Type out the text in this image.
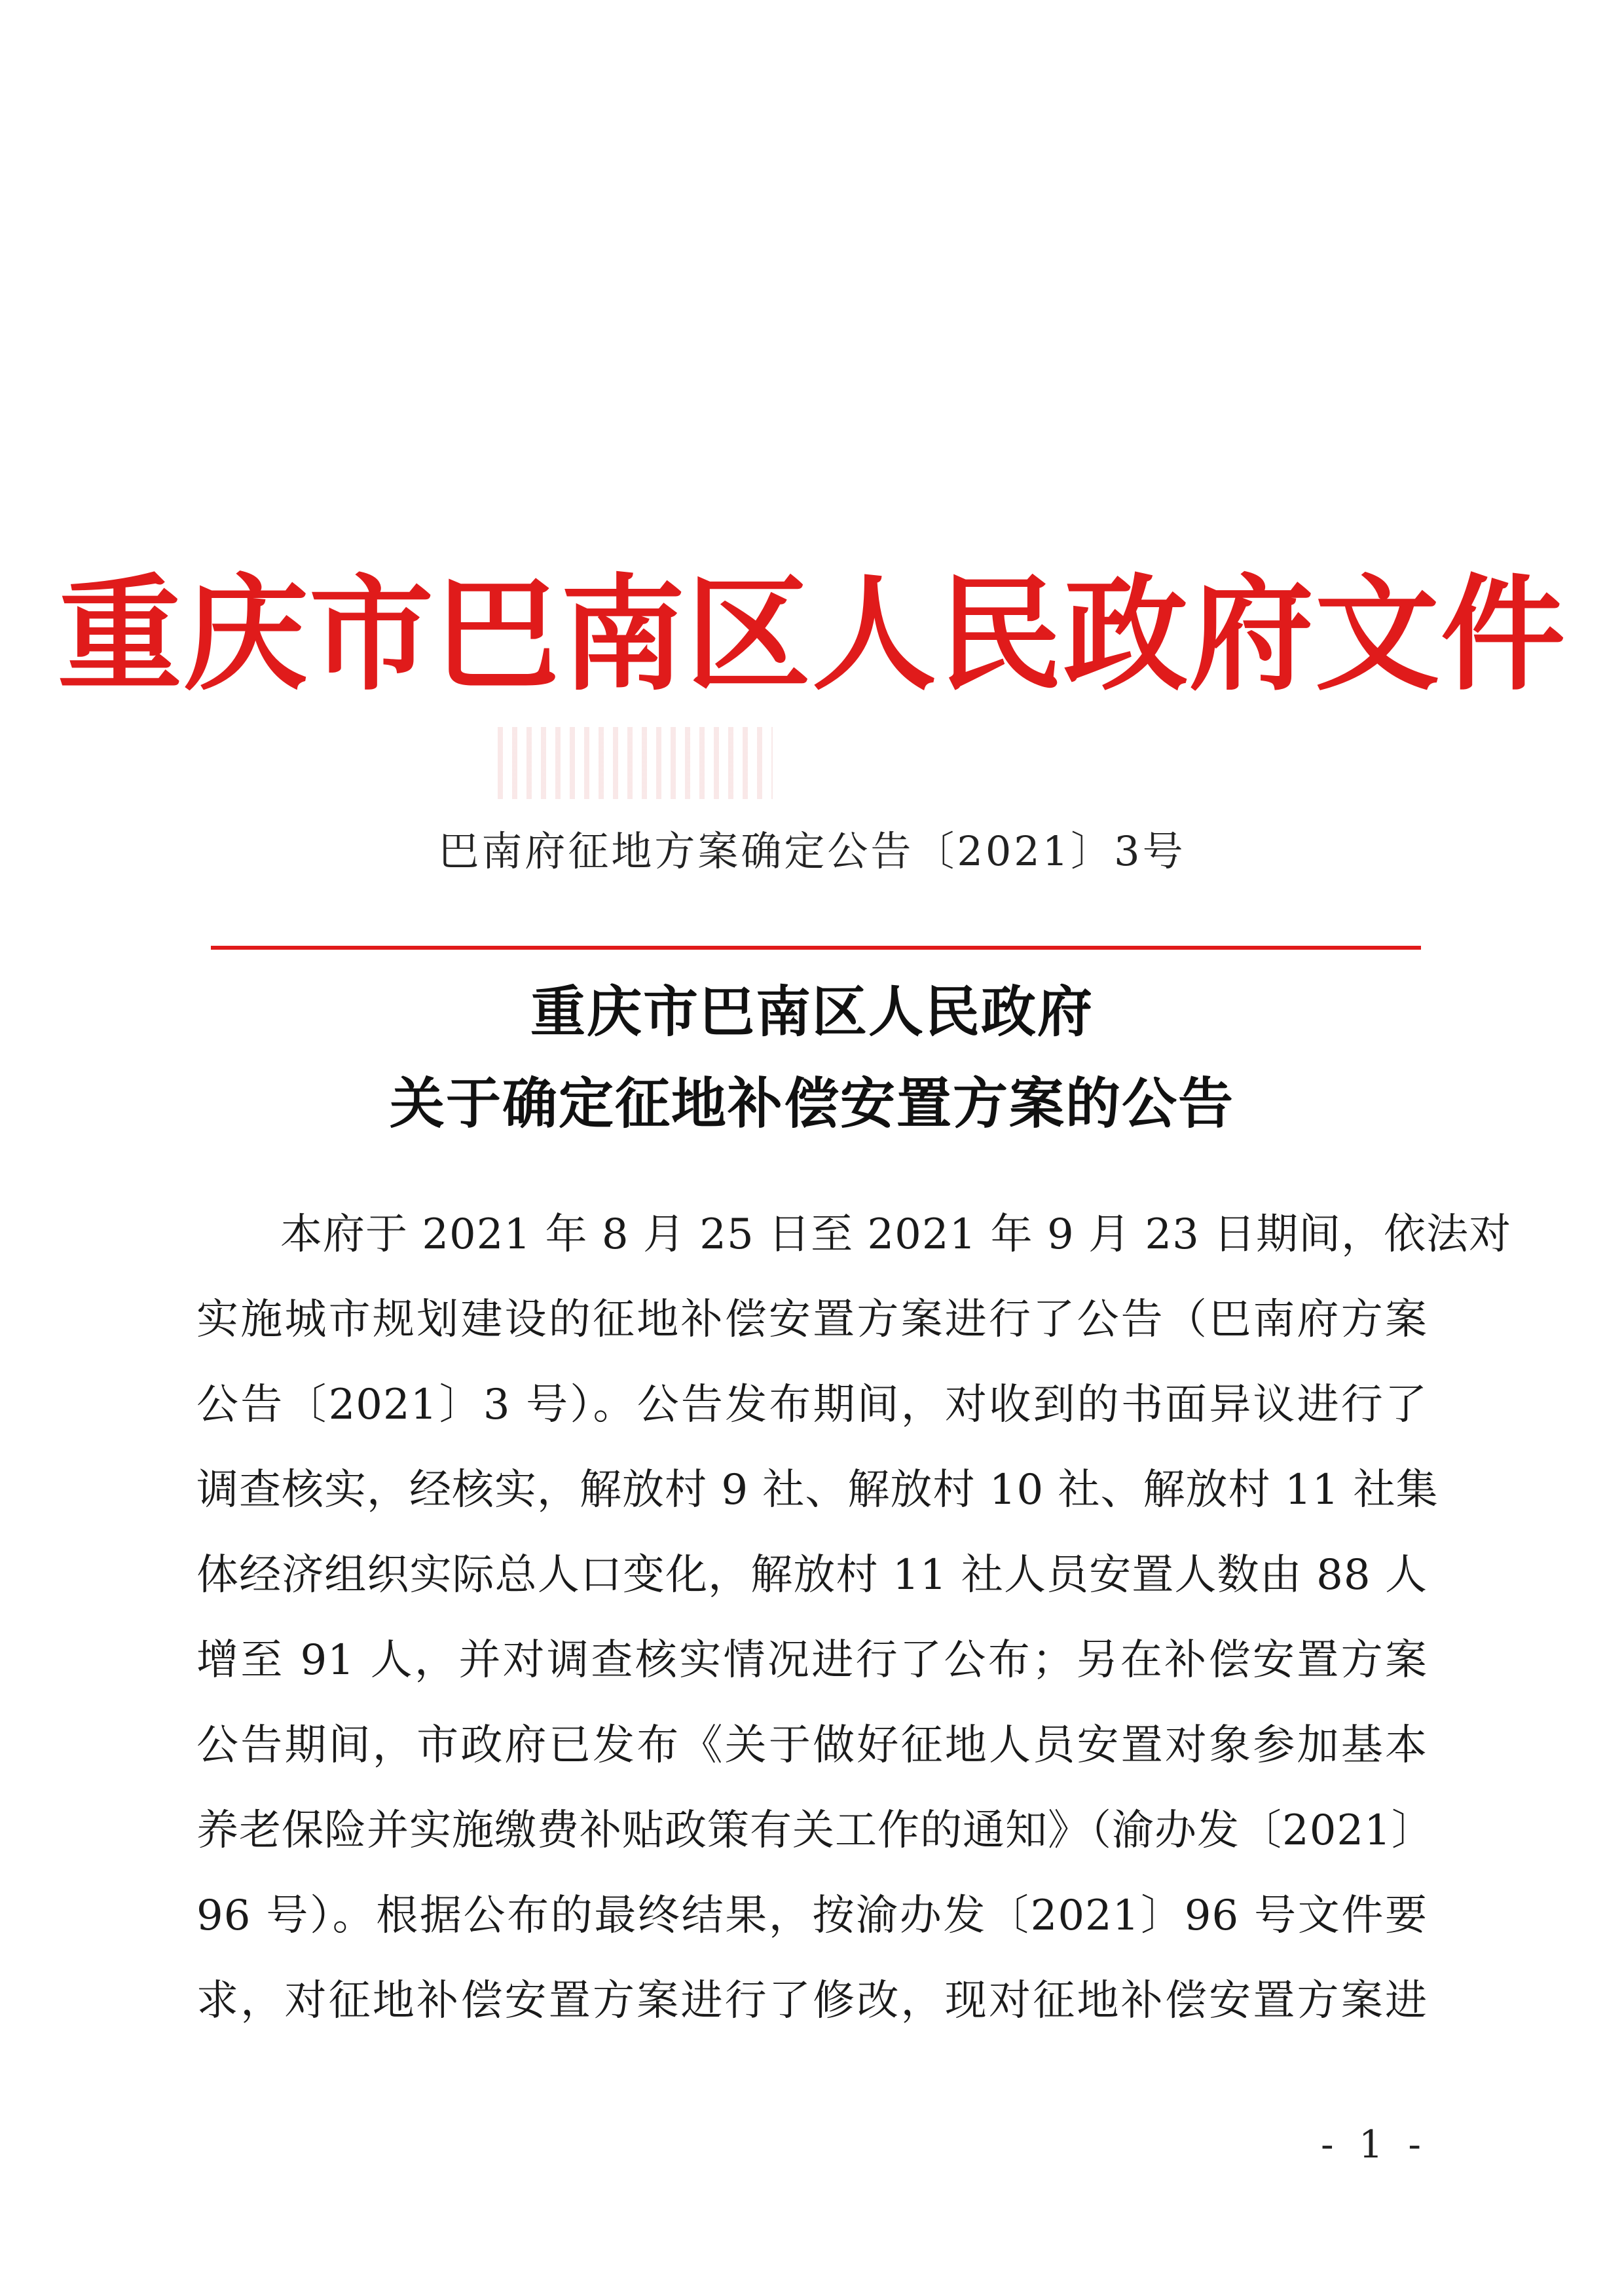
重庆市巴南区人民政府文件
巴南府征地方案确定公告〔2021〕3号
重庆市巴南区人民政府
关于确定征地补偿安置方案的公告
本府于 2021 年 8 月 25 日至 2021 年 9 月 23 日期间，依法对
实施城市规划建设的征地补偿安置方案进行了公告（巴南府方案
公告〔2021〕3 号）。公告发布期间，对收到的书面异议进行了
调查核实，经核实，解放村 9 社、解放村 10 社、解放村 11 社集
体经济组织实际总人口变化，解放村 11 社人员安置人数由 88 人
增至 91 人，并对调查核实情况进行了公布；另在补偿安置方案
公告期间，市政府已发布《关于做好征地人员安置对象参加基本
养老保险并实施缴费补贴政策有关工作的通知》（渝办发〔2021〕
96 号）。根据公布的最终结果，按渝办发〔2021〕96 号文件要
求，对征地补偿安置方案进行了修改，现对征地补偿安置方案进
- 1 -
